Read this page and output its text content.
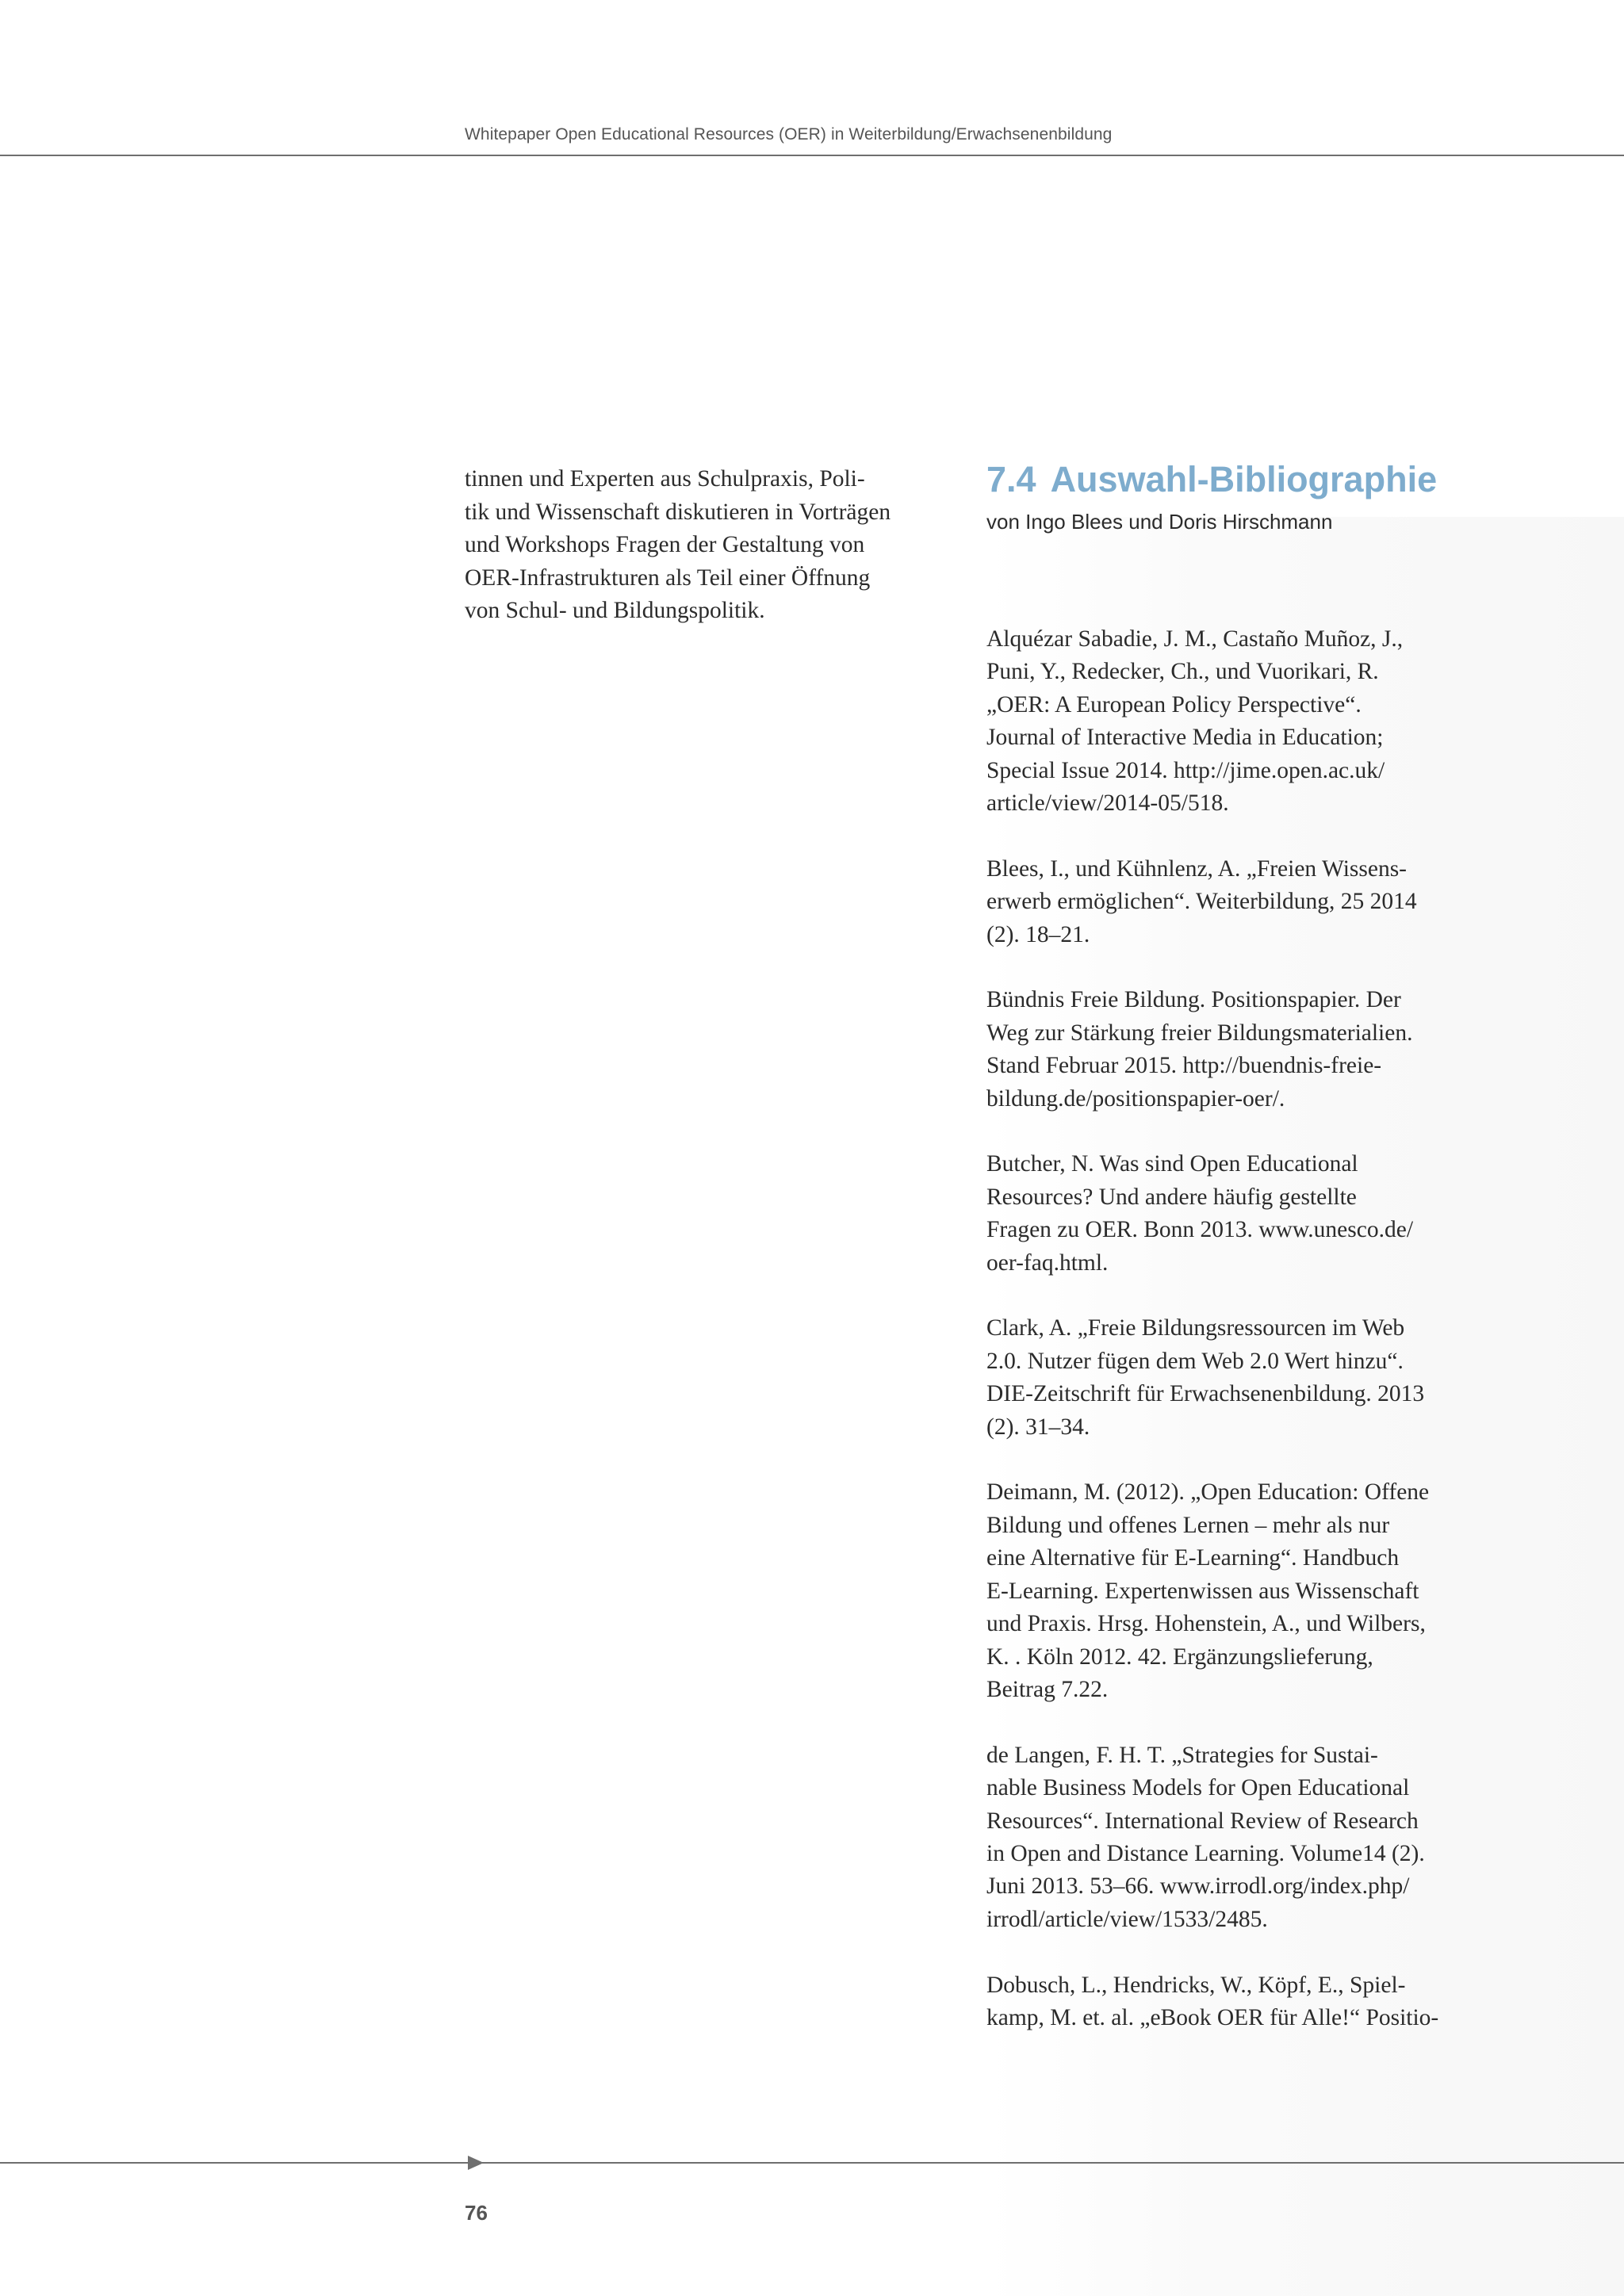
Whitepaper Open Educational Resources (OER) in Weiterbildung/Erwachsenenbildung

tinnen und Experten aus Schulpraxis, Poli-
tik und Wissenschaft diskutieren in Vorträgen
und Workshops Fragen der Gestaltung von
OER-Infrastrukturen als Teil einer Öffnung
von Schul- und Bildungspolitik.

7.4 Auswahl-Bibliographie

von Ingo Blees und Doris Hirschmann

Alquézar Sabadie, J. M., Castaño Muñoz, J.,
Puni, Y., Redecker, Ch., und Vuorikari, R.
„OER: A European Policy Perspective“.
Journal of Interactive Media in Education;
Special Issue 2014. http://jime.open.ac.uk/
article/view/2014-05/518.
Blees, I., und Kühnlenz, A. „Freien Wissens-
erwerb ermöglichen“. Weiterbildung, 25 2014
(2). 18–21.
Bündnis Freie Bildung. Positionspapier. Der
Weg zur Stärkung freier Bildungsmaterialien.
Stand Februar 2015. http://buendnis-freie-
bildung.de/positionspapier-oer/.
Butcher, N. Was sind Open Educational
Resources? Und andere häufig gestellte
Fragen zu OER. Bonn 2013. www.unesco.de/
oer-faq.html.
Clark, A. „Freie Bildungsressourcen im Web
2.0. Nutzer fügen dem Web 2.0 Wert hinzu“.
DIE-Zeitschrift für Erwachsenenbildung. 2013
(2). 31–34.
Deimann, M. (2012). „Open Education: Offene
Bildung und offenes Lernen – mehr als nur
eine Alternative für E-Learning“. Handbuch
E-Learning. Expertenwissen aus Wissenschaft
und Praxis. Hrsg. Hohenstein, A., und Wilbers,
K. . Köln 2012. 42. Ergänzungslieferung,
Beitrag 7.22.
de Langen, F. H. T. „Strategies for Sustai-
nable Business Models for Open Educational
Resources“. International Review of Research
in Open and Distance Learning. Volume14 (2).
Juni 2013. 53–66. www.irrodl.org/index.php/
irrodl/article/view/1533/2485.
Dobusch, L., Hendricks, W., Köpf, E., Spiel-
kamp, M. et. al. „eBook OER für Alle!“ Positio-
76
